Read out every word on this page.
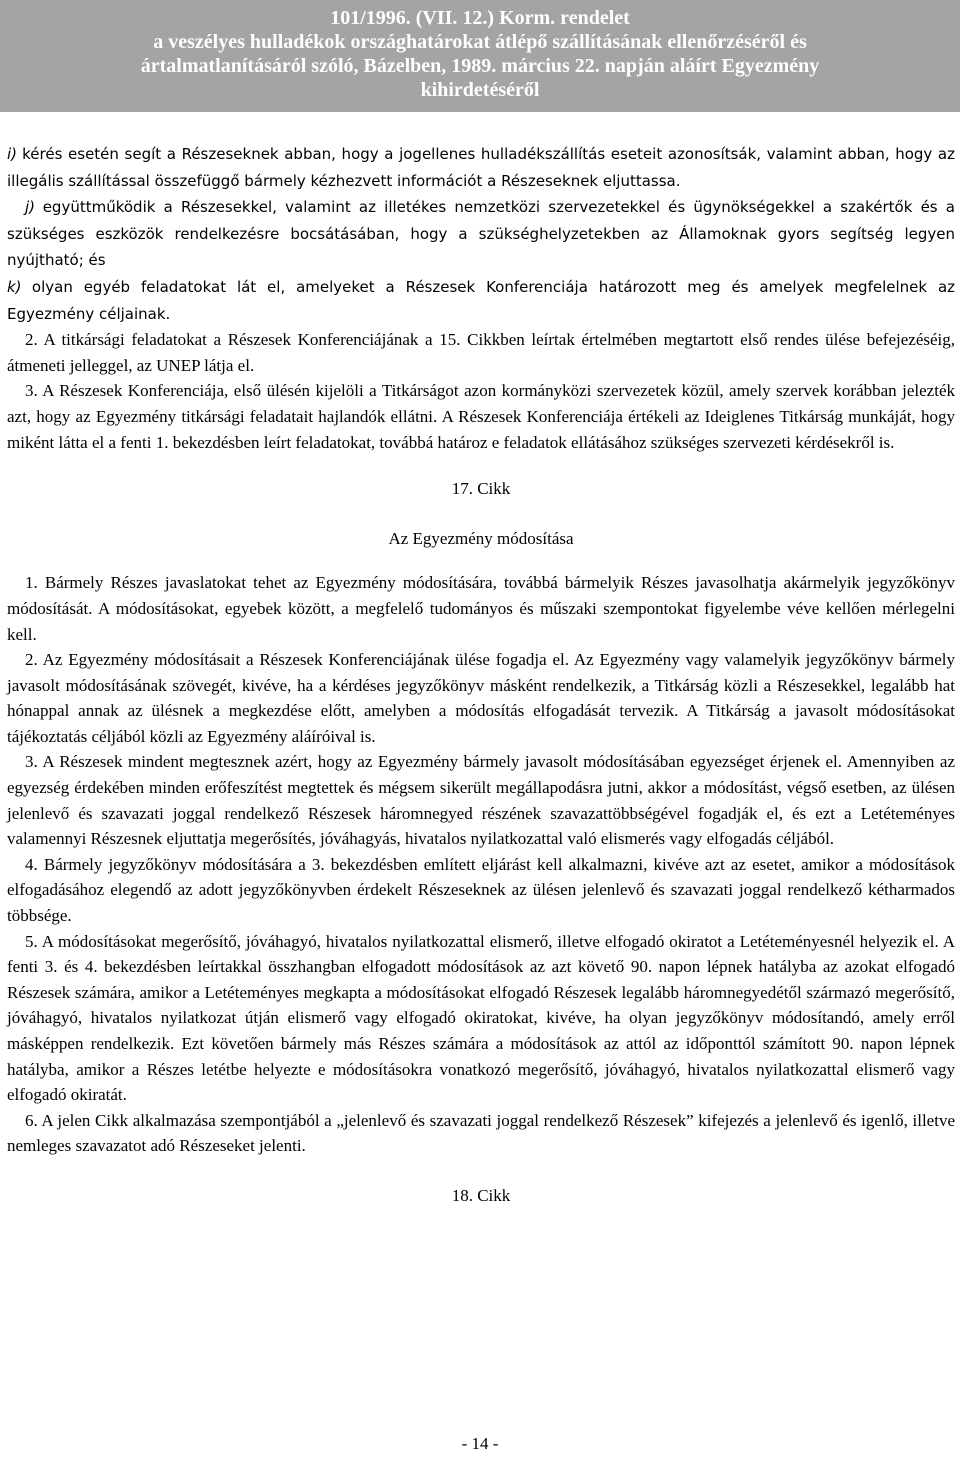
101/1996. (VII. 12.) Korm. rendelet
a veszélyes hulladékok országhatárokat átlépő szállításának ellenőrzéséről és
ártalmatlanításáról szóló, Bázelben, 1989. március 22. napján aláírt Egyezmény
kihirdetéséről

i) kérés esetén segít a Részeseknek abban, hogy a jogellenes hulladékszállítás eseteit azonosítsák, valamint abban, hogy az illegális szállítással összefüggő bármely kézhezvett információt a Részeseknek eljuttassa.

j) együttműködik a Részesekkel, valamint az illetékes nemzetközi szervezetekkel és ügynökségekkel a szakértők és a szükséges eszközök rendelkezésre bocsátásában, hogy a szükséghelyzetekben az Államoknak gyors segítség legyen nyújtható; és

k) olyan egyéb feladatokat lát el, amelyeket a Részesek Konferenciája határozott meg és amelyek megfelelnek az Egyezmény céljainak.

2. A titkársági feladatokat a Részesek Konferenciájának a 15. Cikkben leírtak értelmében megtartott első rendes ülése befejezéséig, átmeneti jelleggel, az UNEP látja el.

3. A Részesek Konferenciája, első ülésén kijelöli a Titkárságot azon kormányközi szervezetek közül, amely szervek korábban jelezték azt, hogy az Egyezmény titkársági feladatait hajlandók ellátni. A Részesek Konferenciája értékeli az Ideiglenes Titkárság munkáját, hogy miként látta el a fenti 1. bekezdésben leírt feladatokat, továbbá határoz e feladatok ellátásához szükséges szervezeti kérdésekről is.

17. Cikk

Az Egyezmény módosítása

1. Bármely Részes javaslatokat tehet az Egyezmény módosítására, továbbá bármelyik Részes javasolhatja akármelyik jegyzőkönyv módosítását. A módosításokat, egyebek között, a megfelelő tudományos és műszaki szempontokat figyelembe véve kellően mérlegelni kell.

2. Az Egyezmény módosításait a Részesek Konferenciájának ülése fogadja el. Az Egyezmény vagy valamelyik jegyzőkönyv bármely javasolt módosításának szövegét, kivéve, ha a kérdéses jegyzőkönyv másként rendelkezik, a Titkárság közli a Részesekkel, legalább hat hónappal annak az ülésnek a megkezdése előtt, amelyben a módosítás elfogadását tervezik. A Titkárság a javasolt módosításokat tájékoztatás céljából közli az Egyezmény aláíróival is.

3. A Részesek mindent megtesznek azért, hogy az Egyezmény bármely javasolt módosításában egyezséget érjenek el. Amennyiben az egyezség érdekében minden erőfeszítést megtettek és mégsem sikerült megállapodásra jutni, akkor a módosítást, végső esetben, az ülésen jelenlevő és szavazati joggal rendelkező Részesek háromnegyed részének szavazattöbbségével fogadják el, és ezt a Letéteményes valamennyi Részesnek eljuttatja megerősítés, jóváhagyás, hivatalos nyilatkozattal való elismerés vagy elfogadás céljából.

4. Bármely jegyzőkönyv módosítására a 3. bekezdésben említett eljárást kell alkalmazni, kivéve azt az esetet, amikor a módosítások elfogadásához elegendő az adott jegyzőkönyvben érdekelt Részeseknek az ülésen jelenlevő és szavazati joggal rendelkező kétharmados többsége.

5. A módosításokat megerősítő, jóváhagyó, hivatalos nyilatkozattal elismerő, illetve elfogadó okiratot a Letéteményesnél helyezik el. A fenti 3. és 4. bekezdésben leírtakkal összhangban elfogadott módosítások az azt követő 90. napon lépnek hatályba az azokat elfogadó Részesek számára, amikor a Letéteményes megkapta a módosításokat elfogadó Részesek legalább háromnegyedétől származó megerősítő, jóváhagyó, hivatalos nyilatkozat útján elismerő vagy elfogadó okiratokat, kivéve, ha olyan jegyzőkönyv módosítandó, amely erről másképpen rendelkezik. Ezt követően bármely más Részes számára a módosítások az attól az időponttól számított 90. napon lépnek hatályba, amikor a Részes letétbe helyezte e módosításokra vonatkozó megerősítő, jóváhagyó, hivatalos nyilatkozattal elismerő vagy elfogadó okiratát.

6. A jelen Cikk alkalmazása szempontjából a „jelenlevő és szavazati joggal rendelkező Részesek” kifejezés a jelenlevő és igenlő, illetve nemleges szavazatot adó Részeseket jelenti.

18. Cikk

- 14 -
